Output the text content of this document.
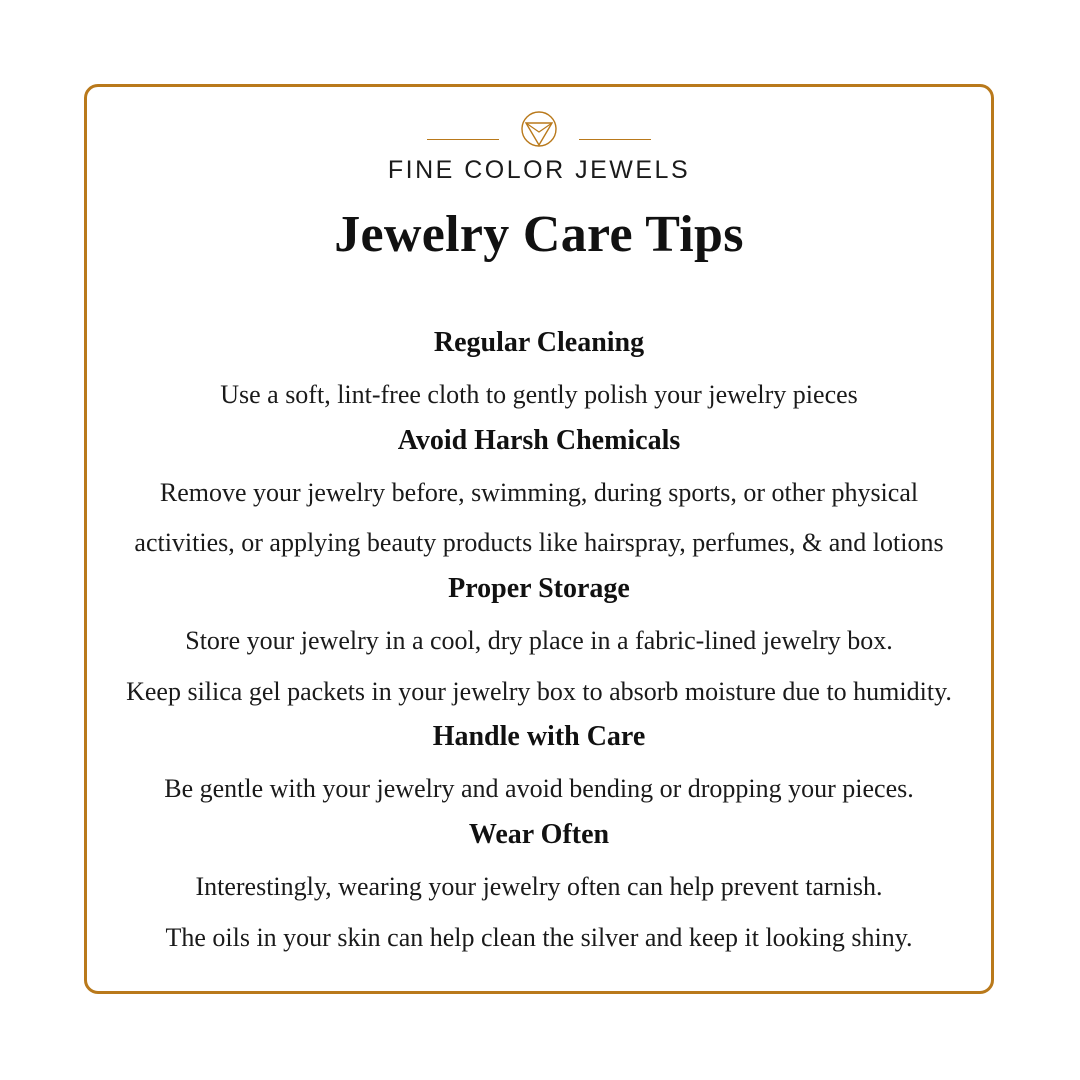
FINE COLOR JEWELS
Jewelry Care Tips
Regular Cleaning
Use a soft, lint-free cloth to gently polish your jewelry pieces
Avoid Harsh Chemicals
Remove your jewelry before, swimming, during sports, or other physical
activities, or applying beauty products like hairspray, perfumes, & and lotions
Proper Storage
Store your jewelry in a cool, dry place in a fabric-lined jewelry box.
Keep silica gel packets in your jewelry box to absorb moisture due to humidity.
Handle with Care
Be gentle with your jewelry and avoid bending or dropping your pieces.
Wear Often
Interestingly, wearing your jewelry often can help prevent tarnish.
The oils in your skin can help clean the silver and keep it looking shiny.
